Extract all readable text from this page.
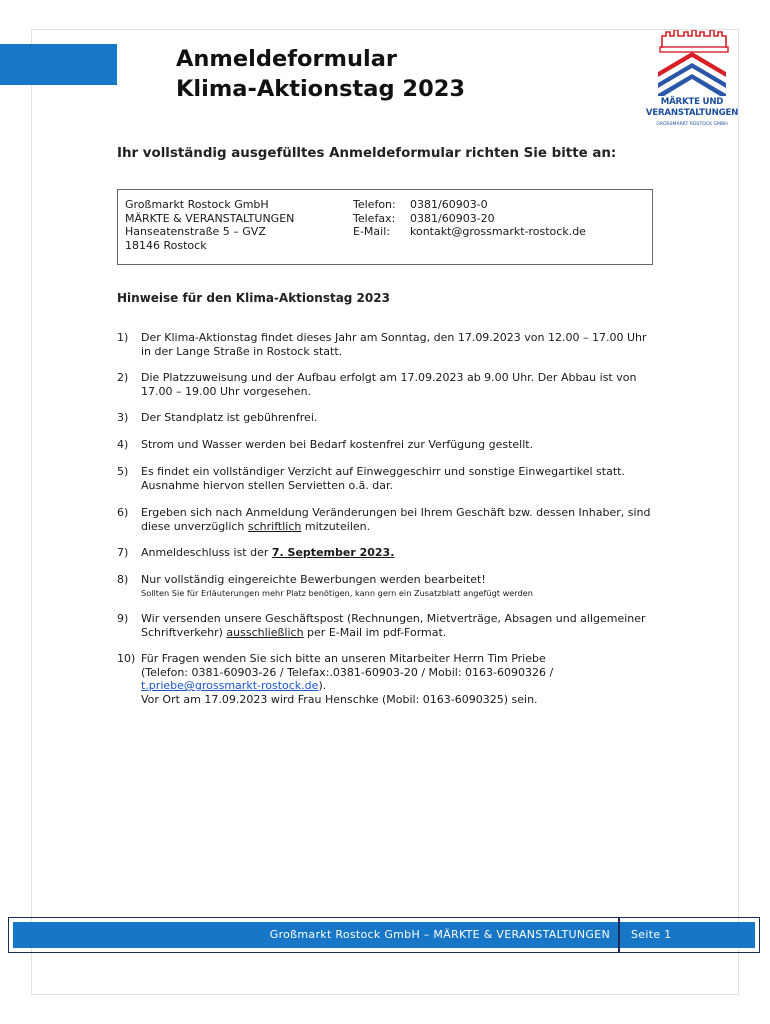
Anmeldeformular
Klima-Aktionstag 2023	MÄRKTE UND
VERANSTALTUNGEN
GROSSMARKT ROSTOCK GMBH
Ihr vollständig ausgefülltes Anmeldeformular richten Sie bitte an:
Großmarkt Rostock GmbH
MÄRKTE & VERANSTALTUNGEN
Hanseatenstraße 5 – GVZ
18146 Rostock
Telefon:	0381/60903-0
Telefax:	0381/60903-20
E-Mail:	kontakt@grossmarkt-rostock.de
Hinweise für den Klima-Aktionstag 2023
1) Der Klima-Aktionstag findet dieses Jahr am Sonntag, den 17.09.2023 von 12.00 – 17.00 Uhr
in der Lange Straße in Rostock statt.
2) Die Platzzuweisung und der Aufbau erfolgt am 17.09.2023 ab 9.00 Uhr. Der Abbau ist von
17.00 – 19.00 Uhr vorgesehen.
3) Der Standplatz ist gebührenfrei.
4) Strom und Wasser werden bei Bedarf kostenfrei zur Verfügung gestellt.
5) Es findet ein vollständiger Verzicht auf Einweggeschirr und sonstige Einwegartikel statt.
Ausnahme hiervon stellen Servietten o.ä. dar.
6) Ergeben sich nach Anmeldung Veränderungen bei Ihrem Geschäft bzw. dessen Inhaber, sind
diese unverzüglich schriftlich mitzuteilen.
7) Anmeldeschluss ist der 7. September 2023.
8) Nur vollständig eingereichte Bewerbungen werden bearbeitet!
Sollten Sie für Erläuterungen mehr Platz benötigen, kann gern ein Zusatzblatt angefügt werden
9) Wir versenden unsere Geschäftspost (Rechnungen, Mietverträge, Absagen und allgemeiner
Schriftverkehr) ausschließlich per E-Mail im pdf-Format.
10) Für Fragen wenden Sie sich bitte an unseren Mitarbeiter Herrn Tim Priebe
(Telefon: 0381-60903-26 / Telefax:.0381-60903-20 / Mobil: 0163-6090326 /
t.priebe@grossmarkt-rostock.de).
Vor Ort am 17.09.2023 wird Frau Henschke (Mobil: 0163-6090325) sein.
Großmarkt Rostock GmbH – MÄRKTE & VERANSTALTUNGEN Seite 1
